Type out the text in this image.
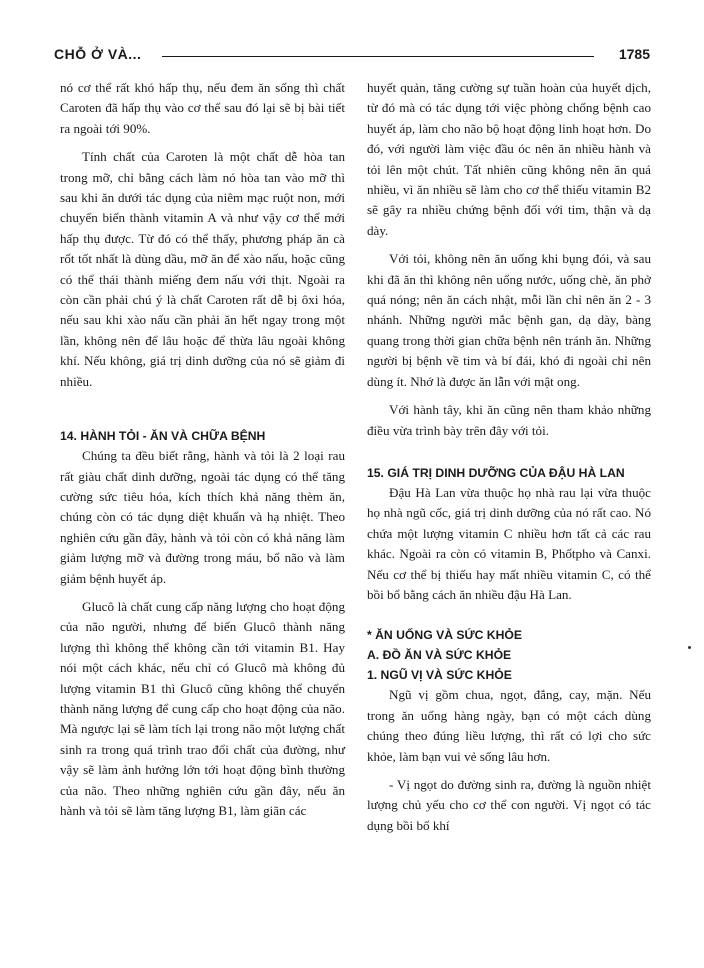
CHỖ Ở VÀ...	1785

nó cơ thể rất khó hấp thụ, nếu đem ăn sống thì chất Caroten đã hấp thụ vào cơ thể sau đó lại sẽ bị bài tiết ra ngoài tới 90%.

Tính chất của Caroten là một chất dễ hòa tan trong mỡ, chỉ bằng cách làm nó hòa tan vào mỡ thì sau khi ăn dưới tác dụng của niêm mạc ruột non, mới chuyển biến thành vitamin A và như vậy cơ thể mới hấp thụ được. Từ đó có thể thấy, phương pháp ăn cà rốt tốt nhất là dùng dầu, mỡ ăn để xào nấu, hoặc cũng có thể thái thành miếng đem nấu với thịt. Ngoài ra còn cần phải chú ý là chất Caroten rất dễ bị ôxi hóa, nếu sau khi xào nấu cần phải ăn hết ngay trong một lần, không nên để lâu hoặc để thừa lâu ngoài không khí. Nếu không, giá trị dinh dưỡng của nó sẽ giảm đi nhiều.

14. HÀNH TỎI - ĂN VÀ CHỮA BỆNH

Chúng ta đều biết rằng, hành và tỏi là 2 loại rau rất giàu chất dinh dưỡng, ngoài tác dụng có thể tăng cường sức tiêu hóa, kích thích khả năng thèm ăn, chúng còn có tác dụng diệt khuẩn và hạ nhiệt. Theo nghiên cứu gần đây, hành và tỏi còn có khả năng làm giảm lượng mỡ và đường trong máu, bổ não và làm giảm bệnh huyết áp.

Glucô là chất cung cấp năng lượng cho hoạt động của não người, nhưng để biến Glucô thành năng lượng thì không thể không cần tới vitamin B1. Hay nói một cách khác, nếu chỉ có Glucô mà không đủ lượng vitamin B1 thì Glucô cũng không thể chuyển thành năng lượng để cung cấp cho hoạt động của não. Mà ngược lại sẽ làm tích lại trong não một lượng chất sinh ra trong quá trình trao đổi chất của đường, như vậy sẽ làm ảnh hưởng lớn tới hoạt động bình thường của não. Theo những nghiên cứu gần đây, nếu ăn hành và tỏi sẽ làm tăng lượng B1, làm giãn các

huyết quản, tăng cường sự tuần hoàn của huyết dịch, từ đó mà có tác dụng tới việc phòng chống bệnh cao huyết áp, làm cho não bộ hoạt động linh hoạt hơn. Do đó, với người làm việc đầu óc nên ăn nhiều hành và tỏi lên một chút. Tất nhiên cũng không nên ăn quá nhiều, vì ăn nhiều sẽ làm cho cơ thể thiếu vitamin B2 sẽ gây ra nhiều chứng bệnh đối với tim, thận và dạ dày.

Với tỏi, không nên ăn uống khi bụng đói, và sau khi đã ăn thì không nên uống nước, uống chè, ăn phở quá nóng; nên ăn cách nhật, mỗi lần chỉ nên ăn 2 - 3 nhánh. Những người mắc bệnh gan, dạ dày, bàng quang trong thời gian chữa bệnh nên tránh ăn. Những người bị bệnh về tim và bí đái, khó đi ngoài chỉ nên dùng ít. Nhớ là được ăn lẫn với mật ong.

Với hành tây, khi ăn cũng nên tham khảo những điều vừa trình bày trên đây với tỏi.

15. GIÁ TRỊ DINH DƯỠNG CỦA ĐẬU HÀ LAN

Đậu Hà Lan vừa thuộc họ nhà rau lại vừa thuộc họ nhà ngũ cốc, giá trị dinh dưỡng của nó rất cao. Nó chứa một lượng vitamin C nhiều hơn tất cả các rau khác. Ngoài ra còn có vitamin B, Phốtpho và Canxi. Nếu cơ thể bị thiếu hay mất nhiều vitamin C, có thể bồi bổ bằng cách ăn nhiều đậu Hà Lan.

* ĂN UỐNG VÀ SỨC KHỎE
A. ĐỒ ĂN VÀ SỨC KHỎE
1. NGŨ VỊ VÀ SỨC KHỎE

Ngũ vị gồm chua, ngọt, đắng, cay, mặn. Nếu trong ăn uống hàng ngày, bạn có một cách dùng chúng theo đúng liều lượng, thì rất có lợi cho sức khỏe, làm bạn vui vẻ sống lâu hơn.

- Vị ngọt do đường sinh ra, đường là nguồn nhiệt lượng chủ yếu cho cơ thể con người. Vị ngọt có tác dụng bồi bổ khí
